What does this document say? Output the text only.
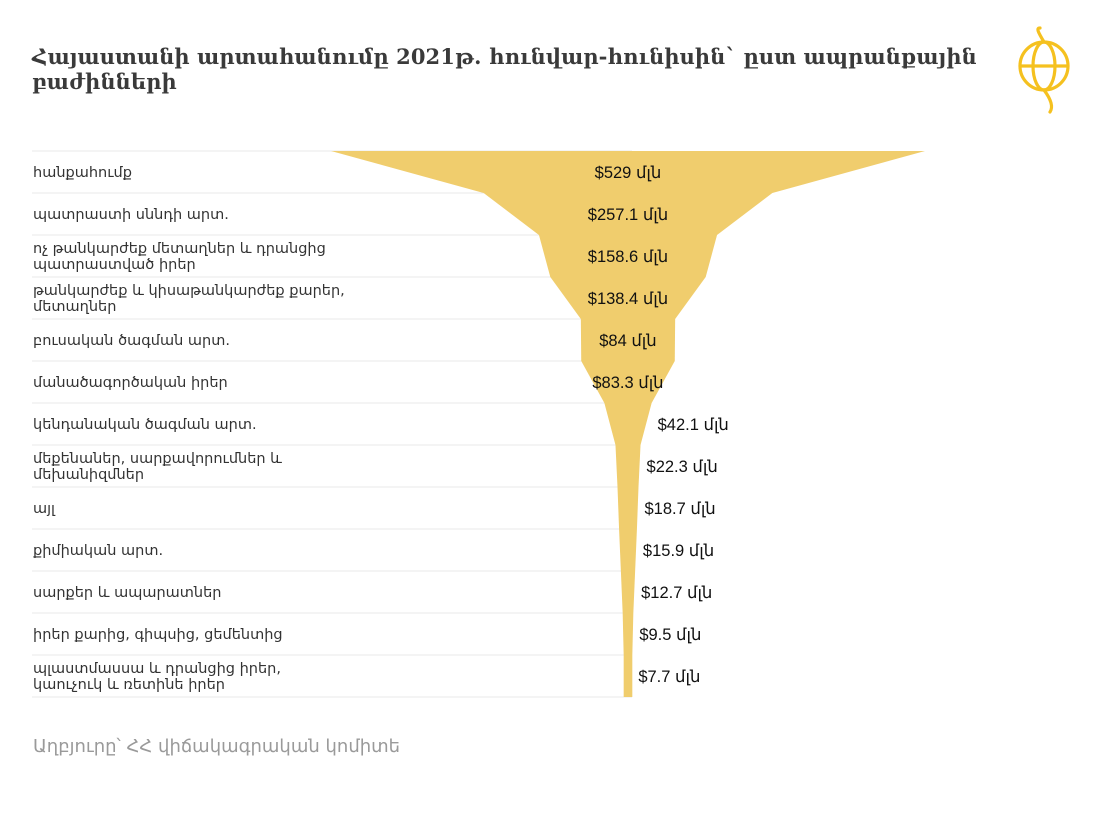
Հայաստանի արտահանումը 2021թ. հունվար-հունիսին` ըստ ապրանքային բաժինների
հանքահումք
պատրաստի սննդի արտ.
ոչ թանկարժեք մետաղներ և դրանցից
պատրաստված իրեր
թանկարժեք և կիսաթանկարժեք քարեր,
մետաղներ
բուսական ծագման արտ.
մանածագործական իրեր
կենդանական ծագման արտ.
մեքենաներ, սարքավորումներ և
մեխանիզմներ
այլ
քիմիական արտ.
սարքեր և ապարատներ
իրեր քարից, գիպսից, ցեմենտից
պլաստմասսա և դրանցից իրեր,
կաուչուկ և ռետինե իրեր
$529 մլն
$257.1 մլն
$158.6 մլն
$138.4 մլն
$84 մլն
$83.3 մլն
$42.1 մլն
$22.3 մլն
$18.7 մլն
$15.9 մլն
$12.7 մլն
$9.5 մլն
$7.7 մլն
Աղբյուրը՝ ՀՀ վիճակագրական կոմիտե
